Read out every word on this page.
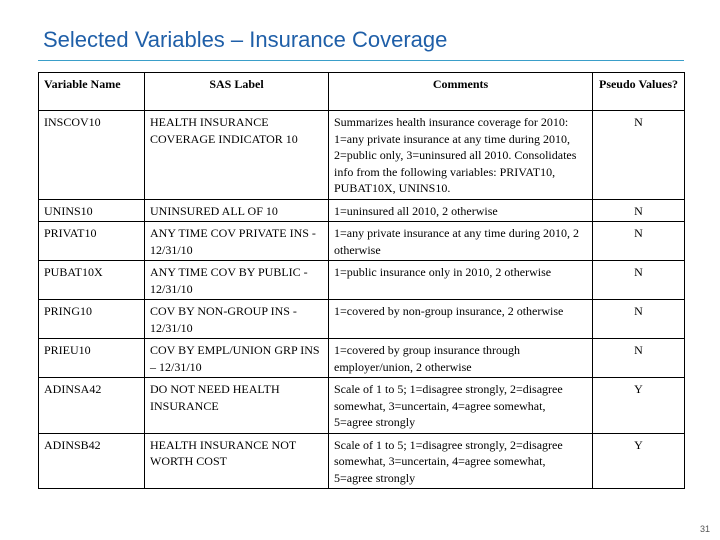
Selected Variables – Insurance Coverage
Variable Name	SAS Label	Comments	Pseudo Values?
INSCOV10	HEALTH INSURANCE COVERAGE INDICATOR 10	Summarizes health insurance coverage for 2010: 1=any private insurance at any time during 2010, 2=public only, 3=uninsured all 2010. Consolidates info from the following variables: PRIVAT10, PUBAT10X, UNINS10.	N
UNINS10	UNINSURED ALL OF 10	1=uninsured all 2010, 2 otherwise	N
PRIVAT10	ANY TIME COV PRIVATE INS - 12/31/10	1=any private insurance at any time during 2010, 2 otherwise	N
PUBAT10X	ANY TIME COV BY PUBLIC - 12/31/10	1=public insurance only in 2010, 2 otherwise	N
PRING10	COV BY NON-GROUP INS - 12/31/10	1=covered by non-group insurance, 2 otherwise	N
PRIEU10	COV BY EMPL/UNION GRP INS – 12/31/10	1=covered by group insurance through employer/union, 2 otherwise	N
ADINSA42	DO NOT NEED HEALTH INSURANCE	Scale of 1 to 5; 1=disagree strongly, 2=disagree somewhat, 3=uncertain, 4=agree somewhat, 5=agree strongly	Y
ADINSB42	HEALTH INSURANCE NOT WORTH COST	Scale of 1 to 5; 1=disagree strongly, 2=disagree somewhat, 3=uncertain, 4=agree somewhat, 5=agree strongly	Y
31
